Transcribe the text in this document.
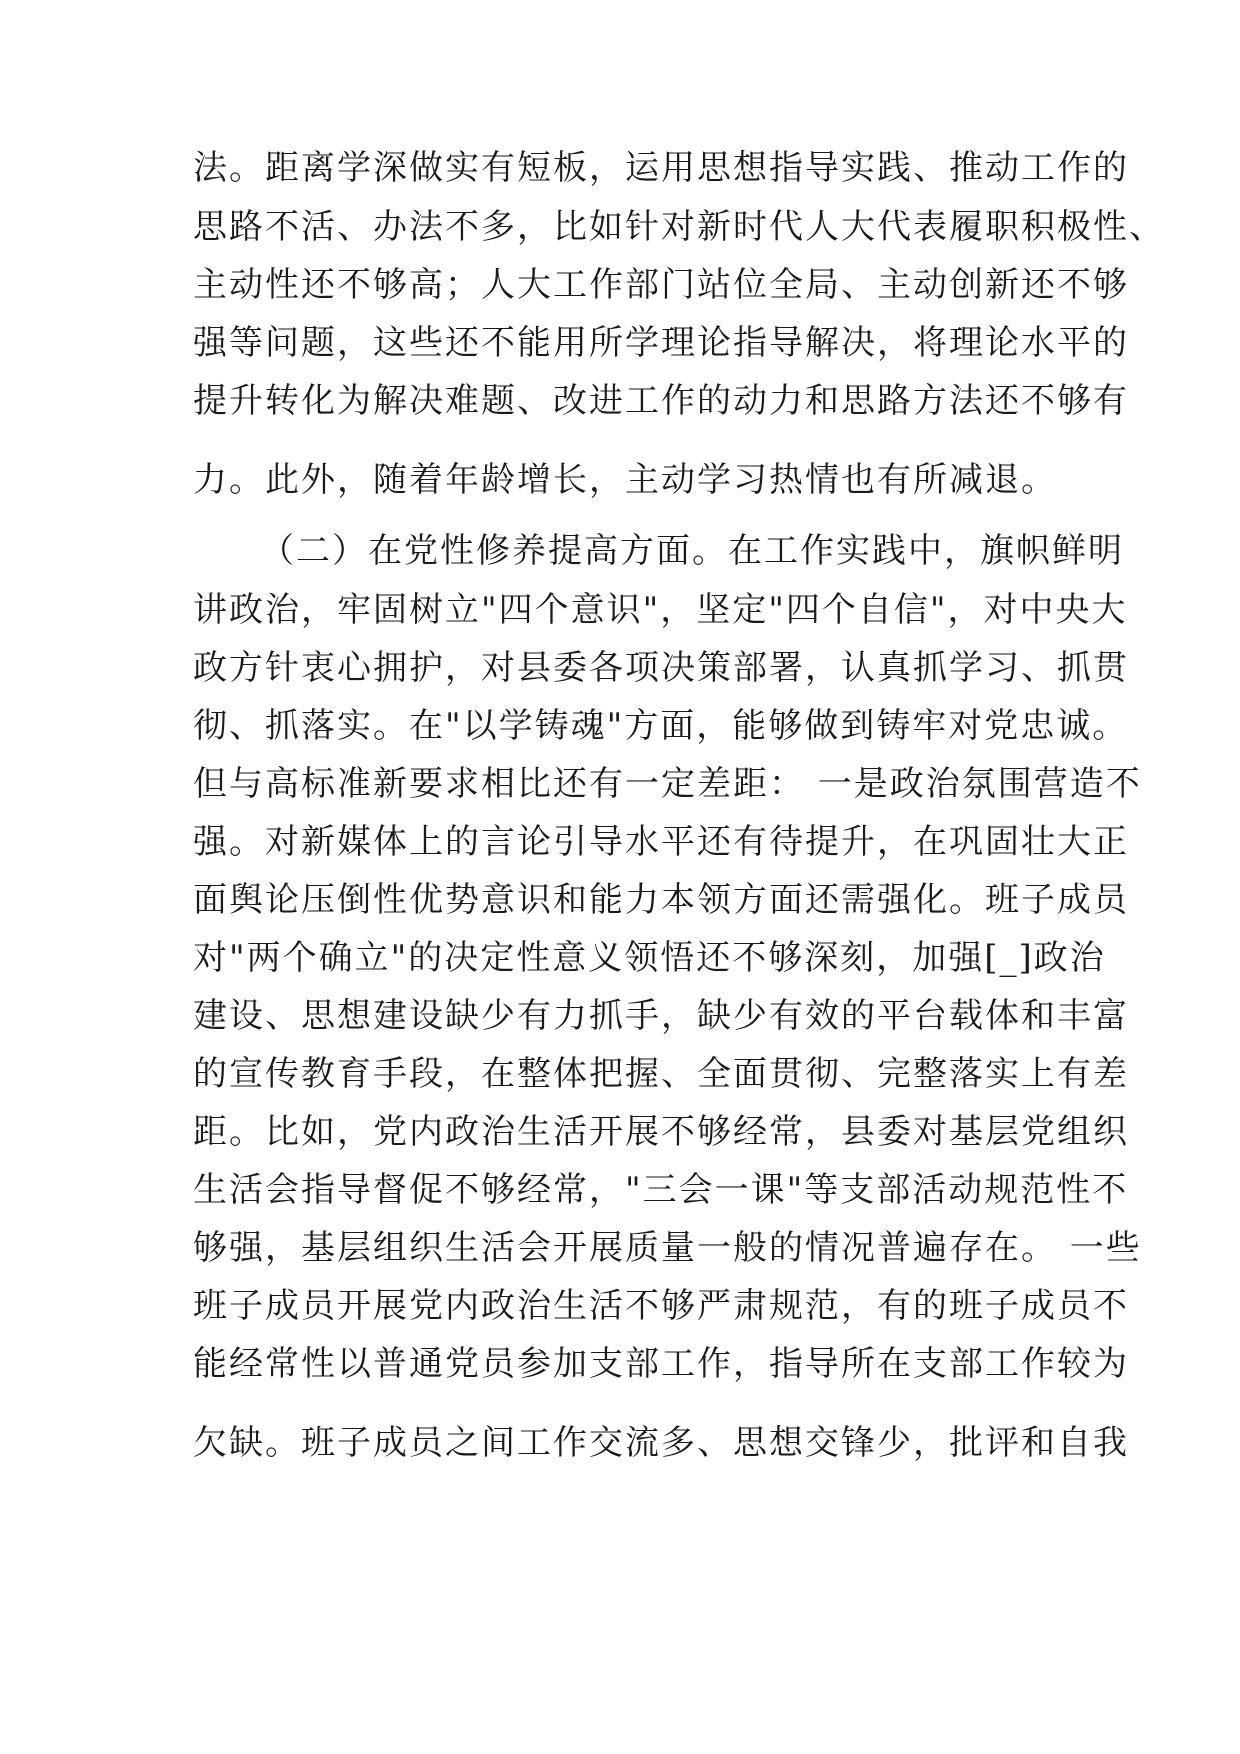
法。距离学深做实有短板，运用思想指导实践、推动工作的
思路不活、办法不多，比如针对新时代人大代表履职积极性、
主动性还不够高；人大工作部门站位全局、主动创新还不够
强等问题，这些还不能用所学理论指导解决，将理论水平的
提升转化为解决难题、改进工作的动力和思路方法还不够有
力。此外，随着年龄增长，主动学习热情也有所减退。
（二）在党性修养提高方面。在工作实践中，旗帜鲜明
讲政治，牢固树立"四个意识"，坚定"四个自信"，对中央大
政方针衷心拥护，对县委各项决策部署，认真抓学习、抓贯
彻、抓落实。在"以学铸魂"方面，能够做到铸牢对党忠诚。
但与高标准新要求相比还有一定差距： 一是政治氛围营造不
强。对新媒体上的言论引导水平还有待提升，在巩固壮大正
面舆论压倒性优势意识和能力本领方面还需强化。班子成员
对"两个确立"的决定性意义领悟还不够深刻，加强[_]政治
建设、思想建设缺少有力抓手，缺少有效的平台载体和丰富
的宣传教育手段，在整体把握、全面贯彻、完整落实上有差
距。比如，党内政治生活开展不够经常，县委对基层党组织
生活会指导督促不够经常，"三会一课"等支部活动规范性不
够强，基层组织生活会开展质量一般的情况普遍存在。 一些
班子成员开展党内政治生活不够严肃规范，有的班子成员不
能经常性以普通党员参加支部工作，指导所在支部工作较为
欠缺。班子成员之间工作交流多、思想交锋少，批评和自我
